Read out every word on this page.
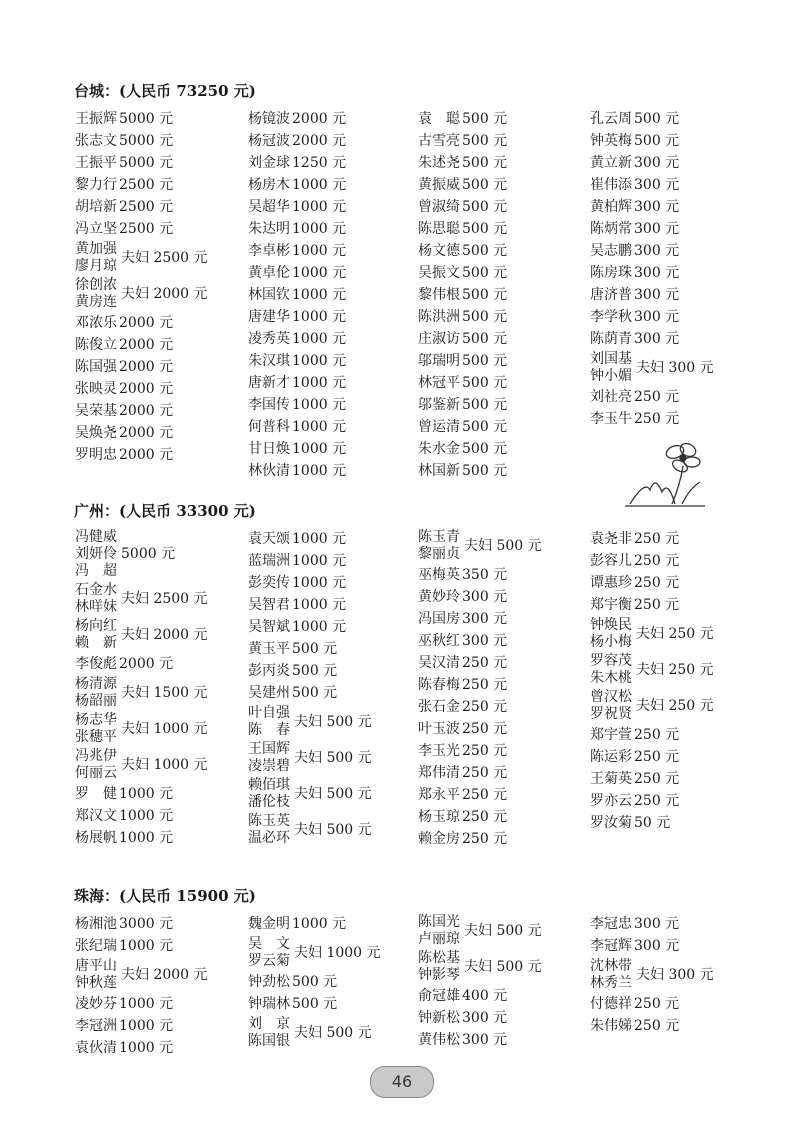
台城：(人民币 73250 元)
王振辉 5000 元
张志文 5000 元
王振平 5000 元
黎力行 2500 元
胡培新 2500 元
冯立坚 2500 元
黄加强
廖月琼 夫妇 2500 元
徐创浓
黄房连 夫妇 2000 元
邓浓乐 2000 元
陈俊立 2000 元
陈国强 2000 元
张映灵 2000 元
吴荣基 2000 元
吴焕尧 2000 元
罗明忠 2000 元
杨镜波 2000 元
杨冠波 2000 元
刘金球 1250 元
杨房木 1000 元
吴超华 1000 元
朱达明 1000 元
李卓彬 1000 元
黄卓伦 1000 元
林国钦 1000 元
唐建华 1000 元
凌秀英 1000 元
朱汉琪 1000 元
唐新才 1000 元
李国传 1000 元
何普科 1000 元
甘日焕 1000 元
林伙清 1000 元
袁　聪 500 元
古雪亮 500 元
朱述尧 500 元
黄振威 500 元
曾淑绮 500 元
陈思聪 500 元
杨文德 500 元
吴振文 500 元
黎伟根 500 元
陈洪洲 500 元
庄淑访 500 元
邬瑞明 500 元
林冠平 500 元
邬鉴新 500 元
曾运清 500 元
朱水金 500 元
林国新 500 元
孔云周 500 元
钟英梅 500 元
黄立新 300 元
崔伟添 300 元
黄柏辉 300 元
陈炳常 300 元
吴志鹏 300 元
陈房珠 300 元
唐济普 300 元
李学秋 300 元
陈荫青 300 元
刘国基
钟小媚 夫妇 300 元
刘社亮 250 元
李玉牛 250 元
广州：(人民币 33300 元)
冯健威
刘妍伶
冯　超
5000 元
石金水
林咩妹 夫妇 2500 元
杨向红
赖　新 夫妇 2000 元
李俊彪 2000 元
杨清源
杨韶丽 夫妇 1500 元
杨志华
张穗平 夫妇 1000 元
冯兆伊
何丽云 夫妇 1000 元
罗　健 1000 元
郑汉文 1000 元
杨展帆 1000 元
袁天颂 1000 元
蓝瑞洲 1000 元
彭奕传 1000 元
吴智君 1000 元
吴智斌 1000 元
黄玉平 500 元
彭丙炎 500 元
吴建州 500 元
叶自强
陈　春 夫妇 500 元
王国辉
凌崇碧 夫妇 500 元
赖佰琪
潘伦枝 夫妇 500 元
陈玉英
温必环 夫妇 500 元
陈玉青
黎丽贞 夫妇 500 元
巫梅英 350 元
黄妙玲 300 元
冯国房 300 元
巫秋红 300 元
吴汉清 250 元
陈春梅 250 元
张石金 250 元
叶玉波 250 元
李玉光 250 元
郑伟清 250 元
郑永平 250 元
杨玉琼 250 元
赖金房 250 元
袁尧非 250 元
彭容儿 250 元
谭惠珍 250 元
郑宇衡 250 元
钟焕民
杨小梅 夫妇 250 元
罗容茂
朱木桃 夫妇 250 元
曾汉松
罗祝贤 夫妇 250 元
郑宇萱 250 元
陈运彩 250 元
王菊英 250 元
罗亦云 250 元
罗汝菊 50 元
珠海：(人民币 15900 元)
杨湘池 3000 元
张纪瑞 1000 元
唐平山
钟秋莲 夫妇 2000 元
凌妙芬 1000 元
李冠洲 1000 元
袁伙清 1000 元
魏金明 1000 元
吴　文
罗云菊 夫妇 1000 元
钟劲松 500 元
钟瑞林 500 元
刘　京
陈国银 夫妇 500 元
陈国光
卢丽琼 夫妇 500 元
陈松基
钟影琴 夫妇 500 元
俞冠雄 400 元
钟新松 300 元
黄伟松 300 元
李冠忠 300 元
李冠辉 300 元
沈林带
林秀兰 夫妇 300 元
付德祥 250 元
朱伟娣 250 元
46
